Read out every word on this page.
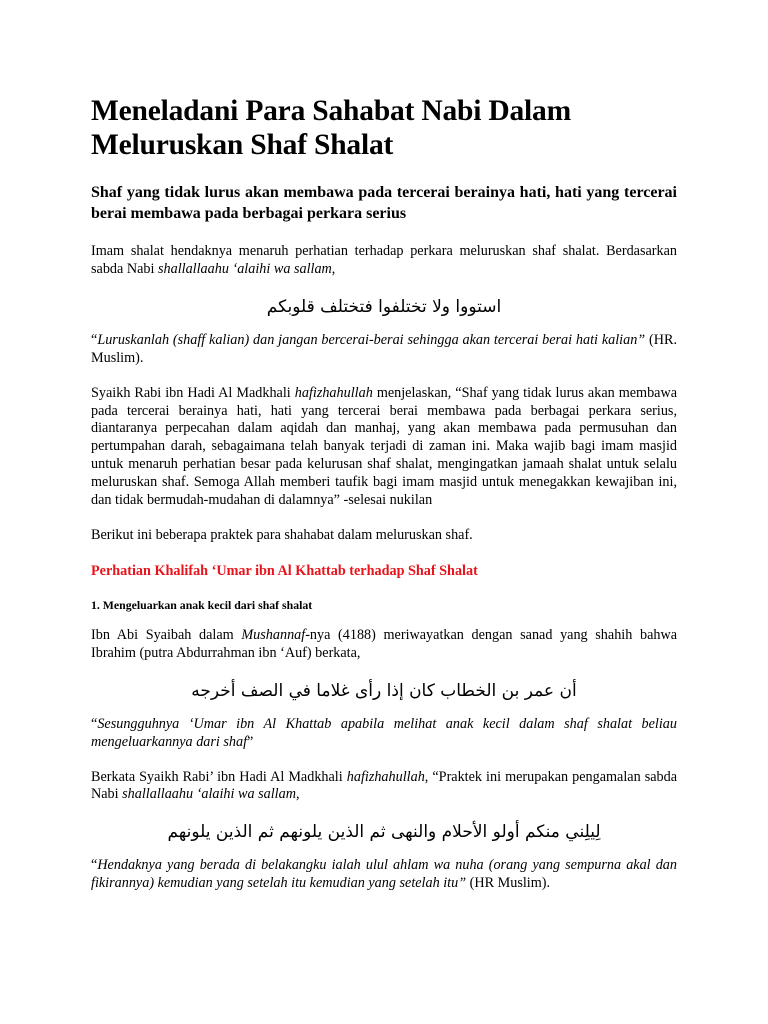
Meneladani Para Sahabat Nabi Dalam Meluruskan Shaf Shalat
Shaf yang tidak lurus akan membawa pada tercerai berainya hati, hati yang tercerai berai membawa pada berbagai perkara serius

Imam shalat hendaknya menaruh perhatian terhadap perkara meluruskan shaf shalat. Berdasarkan sabda Nabi shallallaahu ‘alaihi wa sallam,

استووا ولا تختلفوا فتختلف قلوبكم

“Luruskanlah (shaff kalian) dan jangan bercerai-berai sehingga akan tercerai berai hati kalian” (HR. Muslim).

Syaikh Rabi ibn Hadi Al Madkhali hafizhahullah menjelaskan, “Shaf yang tidak lurus akan membawa pada tercerai berainya hati, hati yang tercerai berai membawa pada berbagai perkara serius, diantaranya perpecahan dalam aqidah dan manhaj, yang akan membawa pada permusuhan dan pertumpahan darah, sebagaimana telah banyak terjadi di zaman ini. Maka wajib bagi imam masjid untuk menaruh perhatian besar pada kelurusan shaf shalat, mengingatkan jamaah shalat untuk selalu meluruskan shaf. Semoga Allah memberi taufik bagi imam masjid untuk menegakkan kewajiban ini, dan tidak bermudah-mudahan di dalamnya” -selesai nukilan

Berikut ini beberapa praktek para shahabat dalam meluruskan shaf.

Perhatian Khalifah ‘Umar ibn Al Khattab terhadap Shaf Shalat
1. Mengeluarkan anak kecil dari shaf shalat

Ibn Abi Syaibah dalam Mushannaf-nya (4188) meriwayatkan dengan sanad yang shahih bahwa Ibrahim (putra Abdurrahman ibn ‘Auf) berkata,

أن عمر بن الخطاب كان إذا رأى غلاما في الصف أخرجه

“Sesungguhnya ‘Umar ibn Al Khattab apabila melihat anak kecil dalam shaf shalat beliau mengeluarkannya dari shaf”

Berkata Syaikh Rabi’ ibn Hadi Al Madkhali hafizhahullah, “Praktek ini merupakan pengamalan sabda Nabi shallallaahu ‘alaihi wa sallam,

لِيلِني منكم أولو الأحلام والنهى ثم الذين يلونهم ثم الذين يلونهم

“Hendaknya yang berada di belakangku ialah ulul ahlam wa nuha (orang yang sempurna akal dan fikirannya) kemudian yang setelah itu kemudian yang setelah itu” (HR Muslim).
